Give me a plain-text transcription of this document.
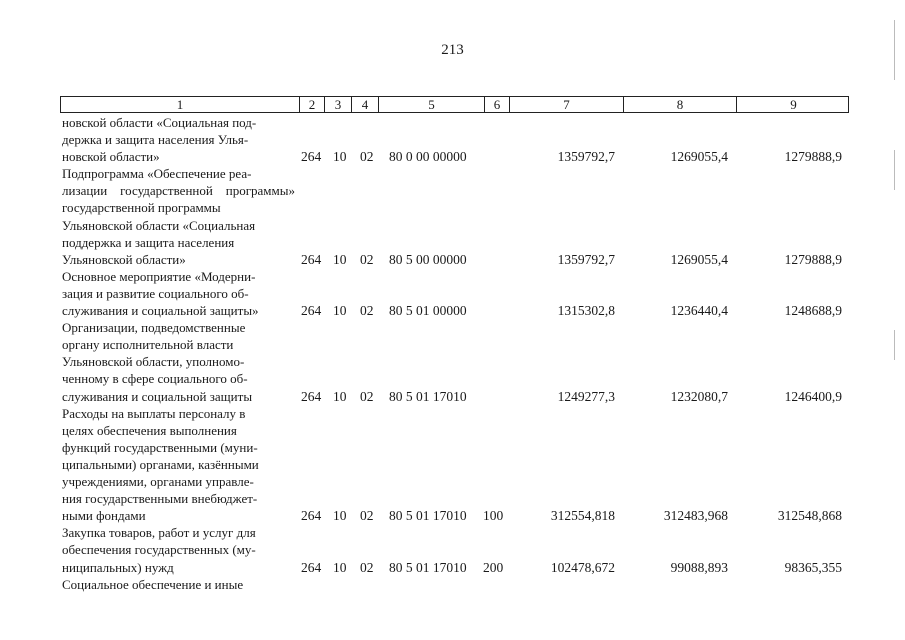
213
1	2	3	4	5	6	7	8	9
новской области «Социальная под-
держка и защита населения Улья-
новской области»	264 10 02 80 0 00 00000	1359792,7	1269055,4	1279888,9
Подпрограмма «Обеспечение реа-
лизации государственной программы» государственной программы
Ульяновской области «Социальная
поддержка и защита населения
Ульяновской области»	264 10 02 80 5 00 00000	1359792,7	1269055,4	1279888,9
Основное мероприятие «Модерни-
зация и развитие социального об-
служивания и социальной защиты»	264 10 02 80 5 01 00000	1315302,8	1236440,4	1248688,9
Организации, подведомственные
органу исполнительной власти
Ульяновской области, уполномо-
ченному в сфере социального об-
служивания и социальной защиты	264 10 02 80 5 01 17010	1249277,3	1232080,7	1246400,9
Расходы на выплаты персоналу в
целях обеспечения выполнения
функций государственными (муни-
ципальными) органами, казёнными
учреждениями, органами управле-
ния государственными внебюджет-
ными фондами	264 10 02 80 5 01 17010 100	312554,818	312483,968	312548,868
Закупка товаров, работ и услуг для
обеспечения государственных (му-
ниципальных) нужд	264 10 02 80 5 01 17010 200	102478,672	99088,893	98365,355
Социальное обеспечение и иные
